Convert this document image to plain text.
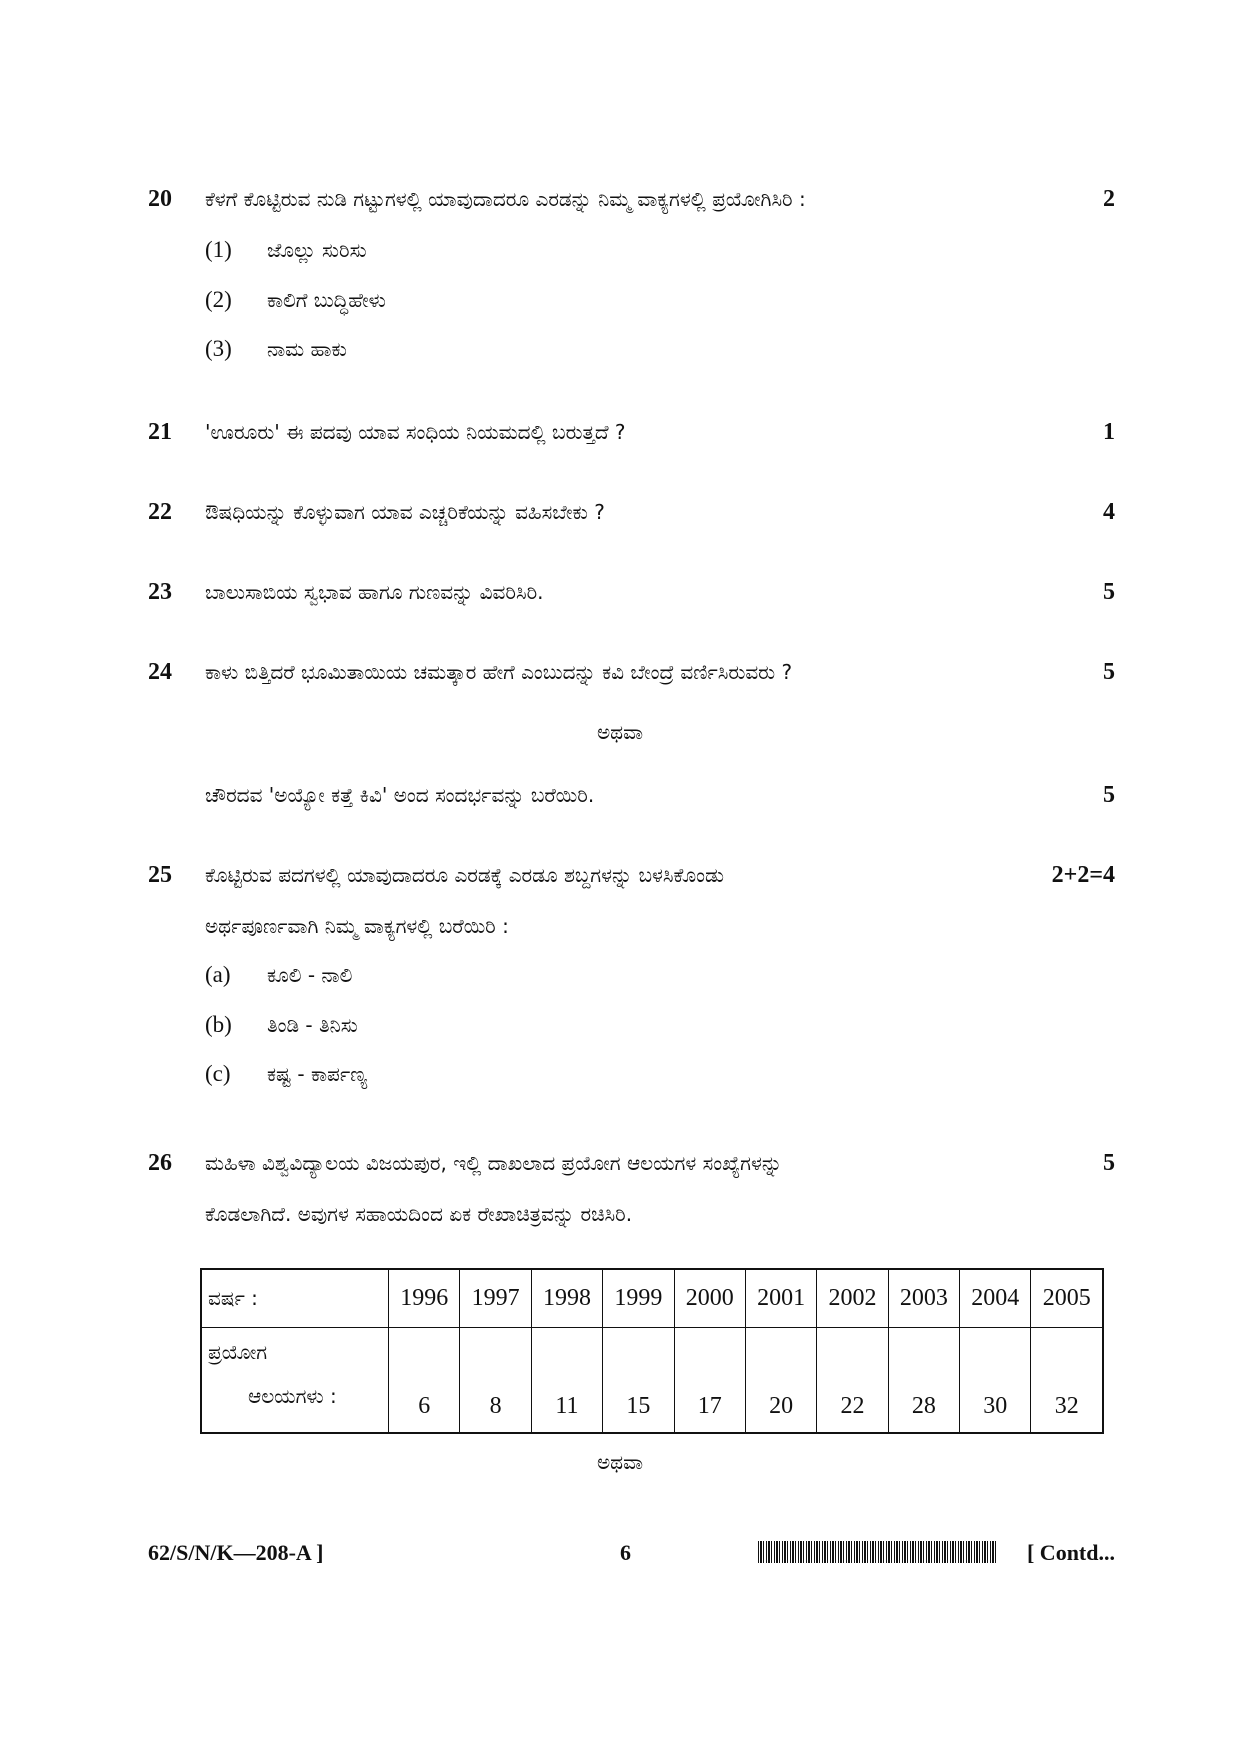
20 ಕೆಳಗೆ ಕೊಟ್ಟಿರುವ ನುಡಿ ಗಟ್ಟುಗಳಲ್ಲಿ ಯಾವುದಾದರೂ ಎರಡನ್ನು ನಿಮ್ಮ ವಾಕ್ಯಗಳಲ್ಲಿ ಪ್ರಯೋಗಿಸಿರಿ :	2
(1) ಜೊಲ್ಲು ಸುರಿಸು
(2) ಕಾಲಿಗೆ ಬುದ್ಧಿಹೇಳು
(3) ನಾಮ ಹಾಕು
21 'ಊರೂರು' ಈ ಪದವು ಯಾವ ಸಂಧಿಯ ನಿಯಮದಲ್ಲಿ ಬರುತ್ತದೆ ?	1
22 ಔಷಧಿಯನ್ನು ಕೊಳ್ಳುವಾಗ ಯಾವ ಎಚ್ಚರಿಕೆಯನ್ನು ವಹಿಸಬೇಕು ?	4
23 ಬಾಲುಸಾಬಿಯ ಸ್ವಭಾವ ಹಾಗೂ ಗುಣವನ್ನು ವಿವರಿಸಿರಿ.	5
24 ಕಾಳು ಬಿತ್ತಿದರೆ ಭೂಮಿತಾಯಿಯ ಚಮತ್ಕಾರ ಹೇಗೆ ಎಂಬುದನ್ನು ಕವಿ ಬೇಂದ್ರೆ ವರ್ಣಿಸಿರುವರು ?	5
ಅಥವಾ
ಚೌರದವ 'ಅಯ್ಯೋ ಕತ್ತೆ ಕಿವಿ' ಅಂದ ಸಂದರ್ಭವನ್ನು ಬರೆಯಿರಿ.	5
25 ಕೊಟ್ಟಿರುವ ಪದಗಳಲ್ಲಿ ಯಾವುದಾದರೂ ಎರಡಕ್ಕೆ ಎರಡೂ ಶಬ್ದಗಳನ್ನು ಬಳಸಿಕೊಂಡು	2+2=4
ಅರ್ಥಪೂರ್ಣವಾಗಿ ನಿಮ್ಮ ವಾಕ್ಯಗಳಲ್ಲಿ ಬರೆಯಿರಿ :
(a) ಕೂಲಿ - ನಾಲಿ
(b) ತಿಂಡಿ - ತಿನಿಸು
(c) ಕಷ್ಟ - ಕಾರ್ಪಣ್ಯ
26 ಮಹಿಳಾ ವಿಶ್ವವಿದ್ಯಾಲಯ ವಿಜಯಪುರ, ಇಲ್ಲಿ ದಾಖಲಾದ ಪ್ರಯೋಗ ಆಲಯಗಳ ಸಂಖ್ಯೆಗಳನ್ನು	5
ಕೊಡಲಾಗಿದೆ. ಅವುಗಳ ಸಹಾಯದಿಂದ ಏಕ ರೇಖಾಚಿತ್ರವನ್ನು ರಚಿಸಿರಿ.
ವರ್ಷ :	1996	1997	1998	1999	2000	2001	2002	2003	2004	2005

ಪ್ರಯೋಗ
ಆಲಯಗಳು :	6	8	11	15	17	20	22	28	30	32
ಅಥವಾ
62/S/N/K—208-A ]	6	[ Contd...
